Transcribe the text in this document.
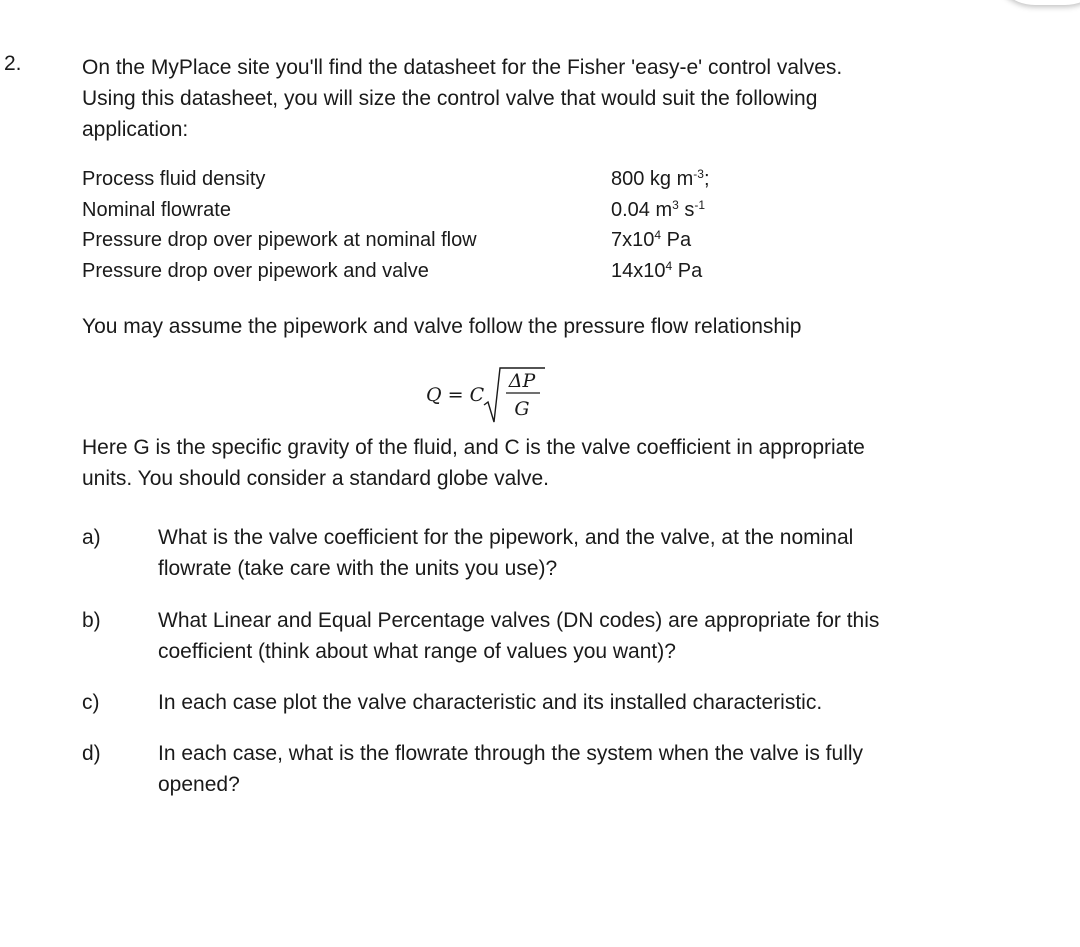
2.	On the MyPlace site you'll find the datasheet for the Fisher 'easy-e' control valves.
Using this datasheet, you will size the control valve that would suit the following
application:
Process fluid density	800 kg $m^{-3}$;
Nominal flowrate	0.04 $m^3$ $s^{-1}$
Pressure drop over pipework at nominal flow	$7x10^4$ Pa
Pressure drop over pipework and valve	$14x10^4$ Pa
You may assume the pipework and valve follow the pressure flow relationship
Q = C
ΔP
G
Here G is the specific gravity of the fluid, and C is the valve coefficient in appropriate
units. You should consider a standard globe valve.
a)	What is the valve coefficient for the pipework, and the valve, at the nominal
flowrate (take care with the units you use)?
b)	What Linear and Equal Percentage valves (DN codes) are appropriate for this
coefficient (think about what range of values you want)?
c)	In each case plot the valve characteristic and its installed characteristic.
d)	In each case, what is the flowrate through the system when the valve is fully
opened?
